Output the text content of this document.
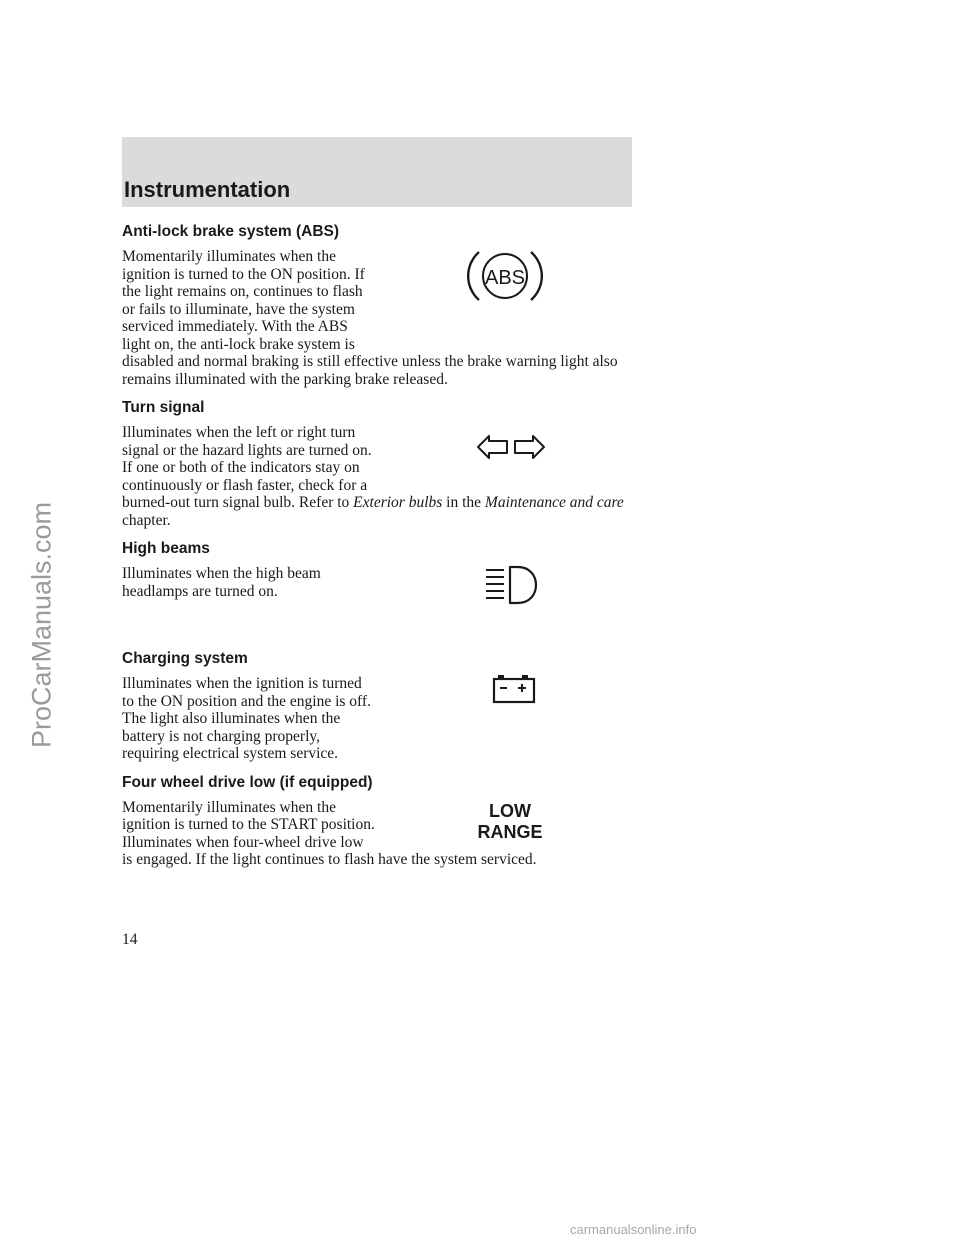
Instrumentation
ProCarManuals.com
Anti-lock brake system (ABS)

Momentarily illuminates when the ignition is turned to the ON position. If the light remains on, continues to flash or fails to illuminate, have the system serviced immediately. With the ABS light on, the anti-lock brake system is disabled and normal braking is still effective unless the brake warning light also remains illuminated with the parking brake released.

ABS
Turn signal

Illuminates when the left or right turn signal or the hazard lights are turned on. If one or both of the indicators stay on continuously or flash faster, check for a burned-out turn signal bulb. Refer to Exterior bulbs in the Maintenance and care chapter.

High beams

Illuminates when the high beam headlamps are turned on.

Charging system

Illuminates when the ignition is turned to the ON position and the engine is off. The light also illuminates when the battery is not charging properly, requiring electrical system service.

Four wheel drive low (if equipped)

Momentarily illuminates when the ignition is turned to the START position. Illuminates when four-wheel drive low is engaged. If the light continues to flash have the system serviced.

LOW
RANGE
14
carmanualsonline.info
